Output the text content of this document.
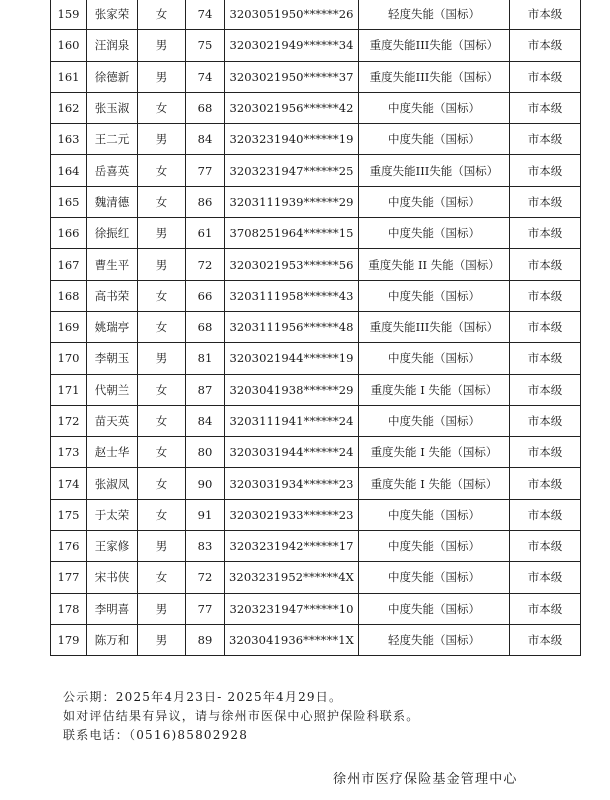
159	张家荣	女	74	3203051950******26	轻度失能（国标）	市本级
160	汪润泉	男	75	3203021949******34	重度失能III失能（国标）	市本级
161	徐德新	男	74	3203021950******37	重度失能III失能（国标）	市本级
162	张玉淑	女	68	3203021956******42	中度失能（国标）	市本级
163	王二元	男	84	3203231940******19	中度失能（国标）	市本级
164	岳喜英	女	77	3203231947******25	重度失能III失能（国标）	市本级
165	魏清德	女	86	3203111939******29	中度失能（国标）	市本级
166	徐振红	男	61	3708251964******15	中度失能（国标）	市本级
167	曹生平	男	72	3203021953******56	重度失能 II 失能（国标）	市本级
168	高书荣	女	66	3203111958******43	中度失能（国标）	市本级
169	姚瑞亭	女	68	3203111956******48	重度失能III失能（国标）	市本级
170	李朝玉	男	81	3203021944******19	中度失能（国标）	市本级
171	代朝兰	女	87	3203041938******29	重度失能 I 失能（国标）	市本级
172	苗天英	女	84	3203111941******24	中度失能（国标）	市本级
173	赵士华	女	80	3203031944******24	重度失能 I 失能（国标）	市本级
174	张淑凤	女	90	3203031934******23	重度失能 I 失能（国标）	市本级
175	于太荣	女	91	3203021933******23	中度失能（国标）	市本级
176	王家修	男	83	3203231942******17	中度失能（国标）	市本级
177	宋书侠	女	72	3203231952******4X	中度失能（国标）	市本级
178	李明喜	男	77	3203231947******10	中度失能（国标）	市本级
179	陈万和	男	89	3203041936******1X	轻度失能（国标）	市本级
公示期：2025年4月23日- 2025年4月29日。
如对评估结果有异议，请与徐州市医保中心照护保险科联系。
联系电话：（0516)85802928
徐州市医疗保险基金管理中心
